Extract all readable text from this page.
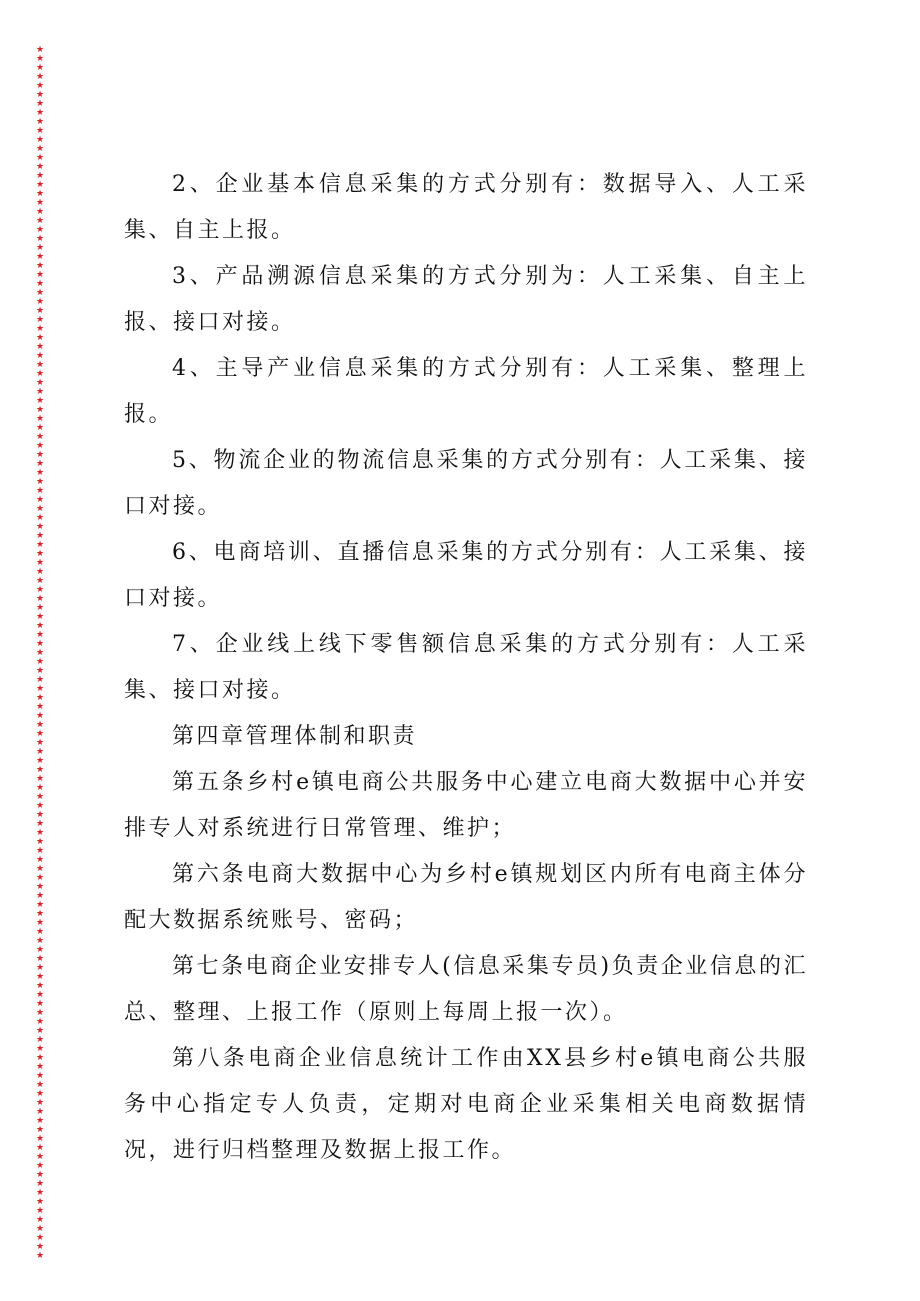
★
★
★
★
★
★
★
★
★
★
★
★
★
★
★
★
★
★
★
★
★
★
★
★
★
★
★
★
★
★
★
★
★
★
★
★
★
★
★
★
★
★
★
★
★
★
★
★
★
★
★
★
★
★
★
★
★
★
★
★
★
★
★
★
★
★
★
★
★
★
★
★
★
★
★
★
★
★
★
★
★
★
★
★
★
★
★
★
★
★
★
★
★
★
★
★
★
★
★
★
★
★
★
★
★
★
★
★
★
★
★
★
★
★
★
★
★
★
★
★
★
★
★
★
★
★
★
★
★
★
★
★
★
★
★

2、企业基本信息采集的方式分别有：数据导入、人工采集、自主上报。

3、产品溯源信息采集的方式分别为：人工采集、自主上报、接口对接。

4、主导产业信息采集的方式分别有：人工采集、整理上报。

5、物流企业的物流信息采集的方式分别有：人工采集、接口对接。

6、电商培训、直播信息采集的方式分别有：人工采集、接口对接。

7、企业线上线下零售额信息采集的方式分别有：人工采集、接口对接。

第四章管理体制和职责

第五条乡村e镇电商公共服务中心建立电商大数据中心并安排专人对系统进行日常管理、维护；

第六条电商大数据中心为乡村e镇规划区内所有电商主体分配大数据系统账号、密码；

第七条电商企业安排专人(信息采集专员)负责企业信息的汇总、整理、上报工作（原则上每周上报一次）。

第八条电商企业信息统计工作由XX县乡村e镇电商公共服务中心指定专人负责，定期对电商企业采集相关电商数据情况，进行归档整理及数据上报工作。
